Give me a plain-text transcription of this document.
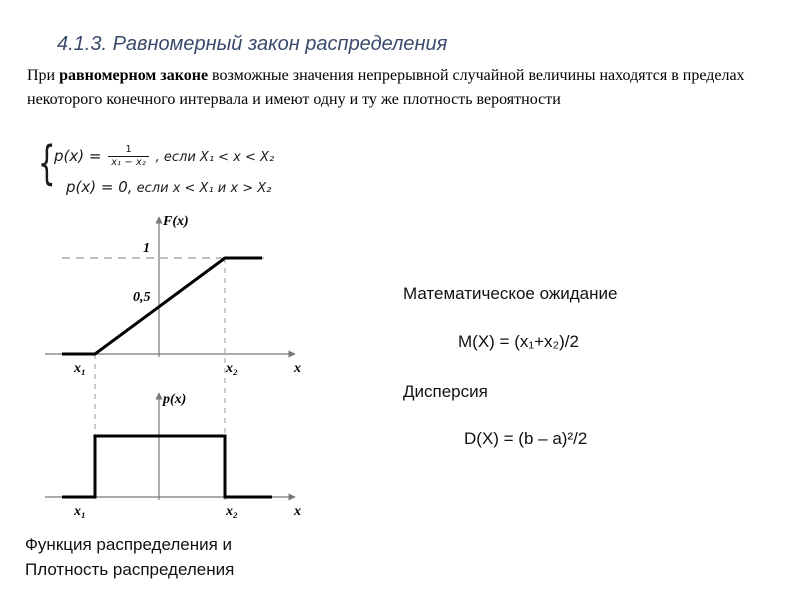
4.1.3. Равномерный закон распределения
При равномерном законе возможные значения непрерывной случайной величины находятся в пределах некоторого конечного интервала и имеют одну и ту же плотность вероятности
{
$p(x) = \frac{1}{\text{x₁ − x₂}}$ , если X₁ < x < X₂
p(x) = 0, если x < X₁ и x > X₂
F(x)
1
0,5
x₁	x₂	x
p(x)
x₁	x₂	x
Математическое ожидание
M(X) = (x₁+x₂)/2
Дисперсия
D(X) = (b – a)²/2
Функция распределения и
Плотность распределения
